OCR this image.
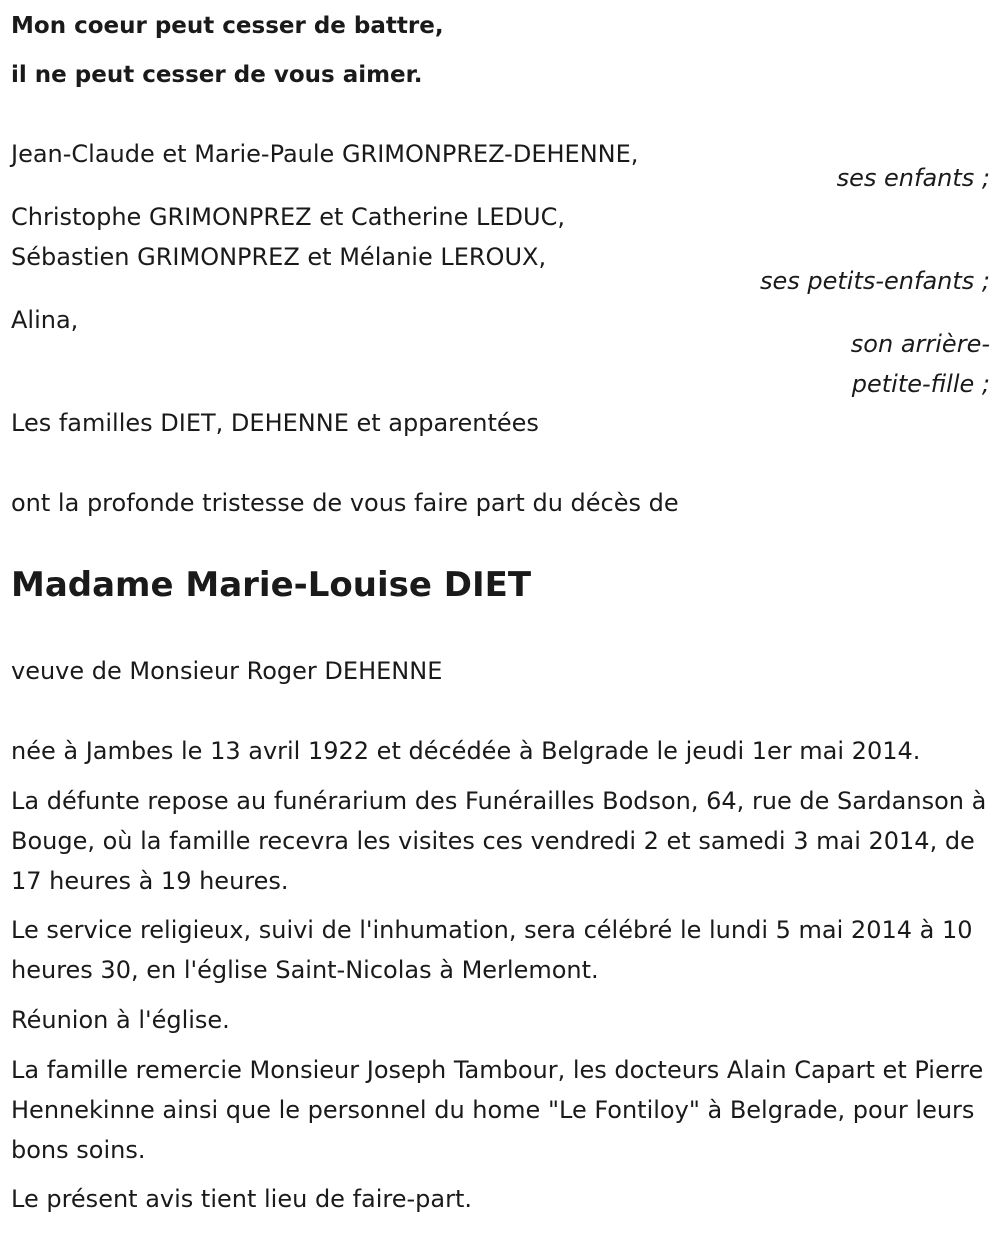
Mon coeur peut cesser de battre,
il ne peut cesser de vous aimer.
Jean-Claude et Marie-Paule GRIMONPREZ-DEHENNE,
ses enfants ;
Christophe GRIMONPREZ et Catherine LEDUC,
Sébastien GRIMONPREZ et Mélanie LEROUX,
ses petits-enfants ;
Alina,
son arrière-
petite-fille ;
Les familles DIET, DEHENNE et apparentées
ont la profonde tristesse de vous faire part du décès de
Madame Marie-Louise DIET
veuve de Monsieur Roger DEHENNE
née à Jambes le 13 avril 1922 et décédée à Belgrade le jeudi 1er mai 2014.
La défunte repose au funérarium des Funérailles Bodson, 64, rue de Sardanson à Bouge, où la famille recevra les visites ces vendredi 2 et samedi 3 mai 2014, de 17 heures à 19 heures.
Le service religieux, suivi de l'inhumation, sera célébré le lundi 5 mai 2014 à 10 heures 30, en l'église Saint-Nicolas à Merlemont.
Réunion à l'église.
La famille remercie Monsieur Joseph Tambour, les docteurs Alain Capart et Pierre Hennekinne ainsi que le personnel du home "Le Fontiloy" à Belgrade, pour leurs bons soins.
Le présent avis tient lieu de faire-part.
